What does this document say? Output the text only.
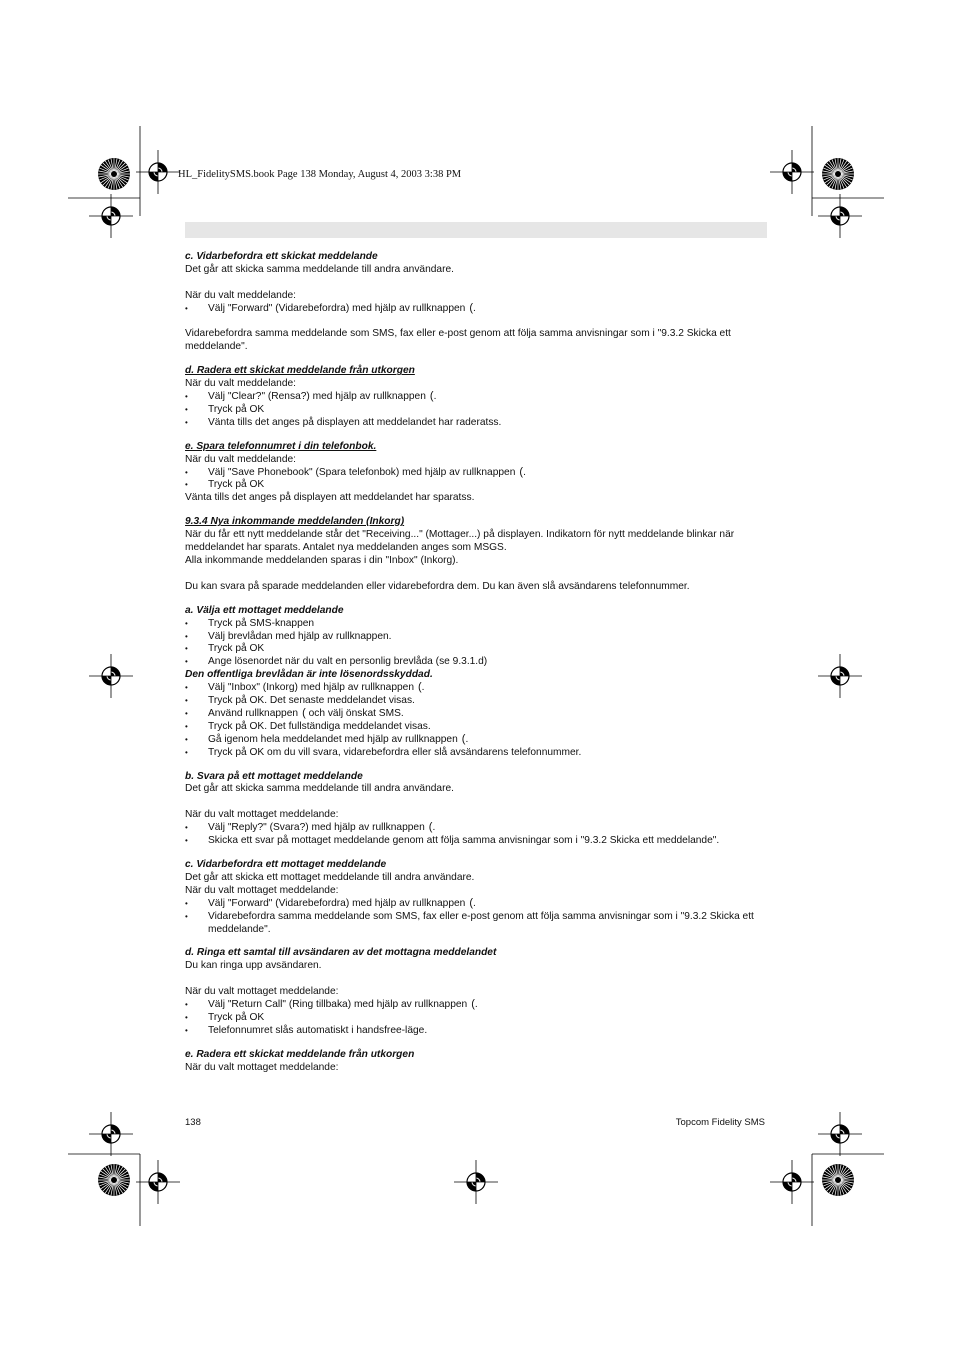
HL_FidelitySMS.book Page 138 Monday, August 4, 2003 3:38 PM
c. Vidarbefordra ett skickat meddelande
Det går att skicka samma meddelande till andra användare.
När du valt meddelande:
• Välj "Forward" (Vidarebefordra) med hjälp av rullknappen (.
Vidarebefordra samma meddelande som SMS, fax eller e-post genom att följa samma anvisningar som i "9.3.2 Skicka ett meddelande".
d. Radera ett skickat meddelande från utkorgen
När du valt meddelande:
• Välj "Clear?" (Rensa?) med hjälp av rullknappen (.
• Tryck på OK
• Vänta tills det anges på displayen att meddelandet har raderatss.
e. Spara telefonnumret i din telefonbok.
När du valt meddelande:
• Välj "Save Phonebook" (Spara telefonbok) med hjälp av rullknappen (.
• Tryck på OK
Vänta tills det anges på displayen att meddelandet har sparatss.
9.3.4 Nya inkommande meddelanden (Inkorg)
När du får ett nytt meddelande står det "Receiving..." (Mottager...) på displayen. Indikatorn för nytt meddelande blinkar när meddelandet har sparats. Antalet nya meddelanden anges som MSGS.
Alla inkommande meddelanden sparas i din "Inbox" (Inkorg).
Du kan svara på sparade meddelanden eller vidarebefordra dem. Du kan även slå avsändarens telefonnummer.
a. Välja ett mottaget meddelande
• Tryck på SMS-knappen
• Välj brevlådan med hjälp av rullknappen.
• Tryck på OK
• Ange lösenordet när du valt en personlig brevlåda (se 9.3.1.d)
Den offentliga brevlådan är inte lösenordsskyddad.
• Välj "Inbox" (Inkorg) med hjälp av rullknappen (.
• Tryck på OK. Det senaste meddelandet visas.
• Använd rullknappen ( och välj önskat SMS.
• Tryck på OK. Det fullständiga meddelandet visas.
• Gå igenom hela meddelandet med hjälp av rullknappen (.
• Tryck på OK om du vill svara, vidarebefordra eller slå avsändarens telefonnummer.
b. Svara på ett mottaget meddelande
Det går att skicka samma meddelande till andra användare.
När du valt mottaget meddelande:
• Välj "Reply?" (Svara?) med hjälp av rullknappen (.
• Skicka ett svar på mottaget meddelande genom att följa samma anvisningar som i "9.3.2 Skicka ett meddelande".
c. Vidarbefordra ett mottaget meddelande
Det går att skicka ett mottaget meddelande till andra användare.
När du valt mottaget meddelande:
• Välj "Forward" (Vidarebefordra) med hjälp av rullknappen (.
• Vidarebefordra samma meddelande som SMS, fax eller e-post genom att följa samma anvisningar som i "9.3.2 Skicka ett meddelande".
d. Ringa ett samtal till avsändaren av det mottagna meddelandet
Du kan ringa upp avsändaren.
När du valt mottaget meddelande:
• Välj "Return Call" (Ring tillbaka) med hjälp av rullknappen (.
• Tryck på OK
• Telefonnumret slås automatiskt i handsfree-läge.
e. Radera ett skickat meddelande från utkorgen
När du valt mottaget meddelande:
138	Topcom Fidelity SMS
